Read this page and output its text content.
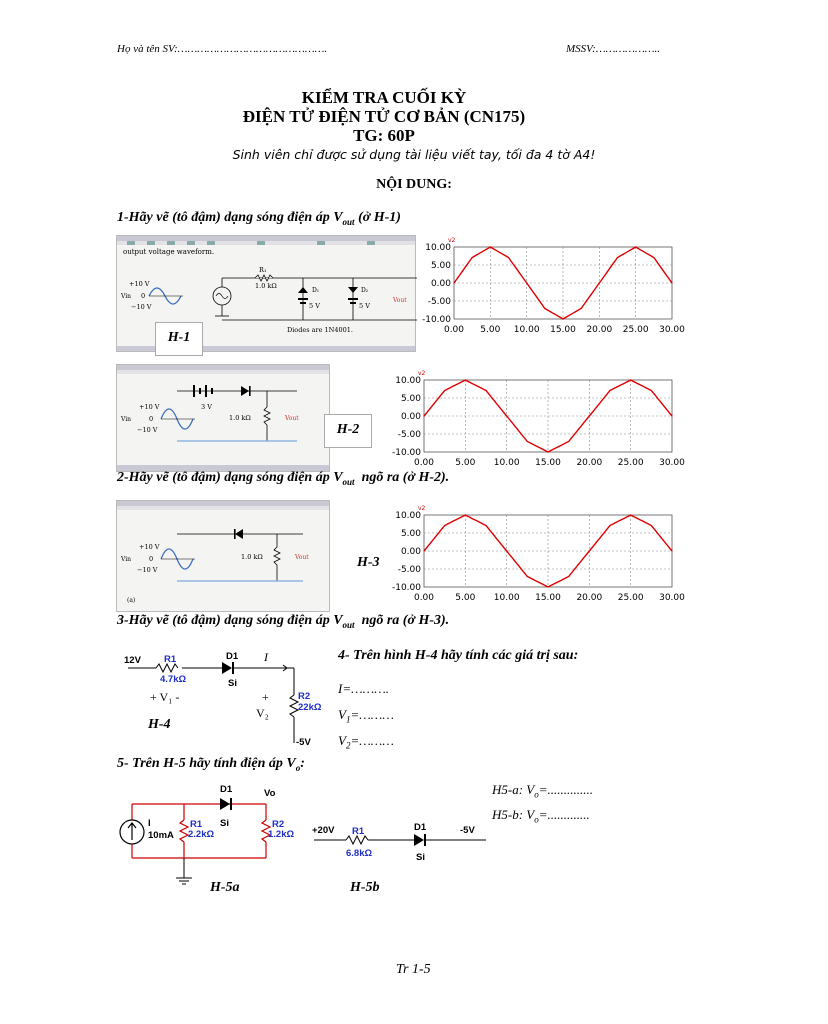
Họ và tên SV:……………………………………….	MSSV:………………..
KIỂM TRA CUỐI KỲ
ĐIỆN TỬ ĐIỆN TỬ CƠ BẢN (CN175)
TG: 60P
Sinh viên chỉ được sử dụng tài liệu viết tay, tối đa 4 tờ A4!
NỘI DUNG:
1-Hãy vẽ (tô đậm) dạng sóng điện áp $V_{out}$ (ở H-1)
output voltage waveform.
+10 V
0
−10 V
Vin
R₁
1.0 kΩ
D₁
5 V
D₂
5 V
Vout
Diodes are 1N4001.
H-1
v2
10.00
5.00
0.00
-5.00
-10.00
0.00 5.00 10.00 15.00 20.00 25.00 30.00
3 V
1.0 kΩ	Vout
+10 V
0
−10 V
Vin
H-2
v2
10.00
5.00
0.00
-5.00
-10.00
0.00 5.00 10.00 15.00 20.00 25.00 30.00
2-Hãy vẽ (tô đậm) dạng sóng điện áp $V_{out}$  ngõ ra (ở H-2).
1.0 kΩ	Vout
+10 V
0
−10 V
Vin
(a)
H-3
v2
10.00
5.00
0.00
-5.00
-10.00
0.00 5.00 10.00 15.00 20.00 25.00 30.00
3-Hãy vẽ (tô đậm) dạng sóng điện áp $V_{out}$  ngõ ra (ở H-3).
12V R1
4.7kΩ
D1
Si
I
R2
22kΩ
-5V
+ V₁ -	+
V₂
H-4
4- Trên hình H-4 hãy tính các giá trị sau:
I=……….
$V_1=\dots\dots\dots$
$V_2=\dots\dots\dots$
5- Trên H-5 hãy tính điện áp $V_o$:
H5-a: $V_o=$..............
H5-b: $V_o=$.............
I
10mA
R1
2.2kΩ
D1
Si
Vo
R2
1.2kΩ
H-5a
+20V R1
6.8kΩ
D1
Si
-5V
H-5b
Tr 1-5
